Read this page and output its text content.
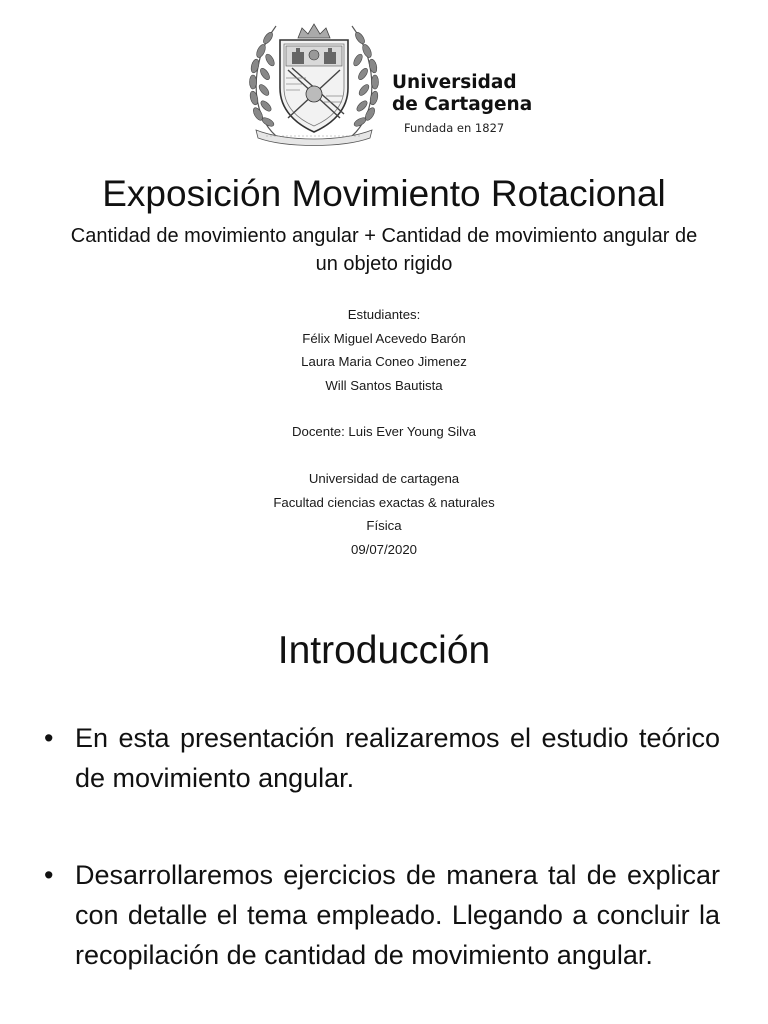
Universidad
de Cartagena
Fundada en 1827
Exposición Movimiento Rotacional
Cantidad de movimiento angular + Cantidad de movimiento angular de un objeto rigido
Estudiantes:
Félix Miguel Acevedo Barón
Laura Maria Coneo Jimenez
Will Santos Bautista
Docente: Luis Ever Young Silva
Universidad de cartagena
Facultad ciencias exactas & naturales
Física
09/07/2020
Introducción
• En esta presentación realizaremos el estudio teórico de movimiento angular.
• Desarrollaremos ejercicios de manera tal de explicar con detalle el tema empleado. Llegando a concluir la recopilación de cantidad de movimiento angular.
